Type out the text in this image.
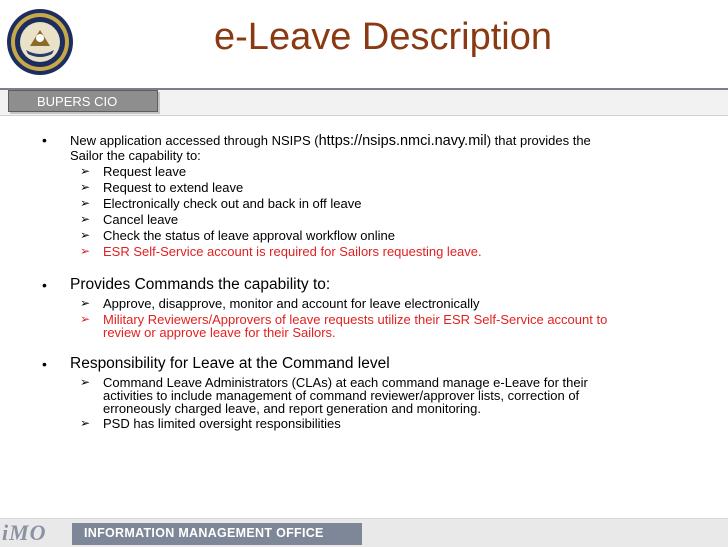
e-Leave Description
BUPERS CIO
• New application accessed through NSIPS (https://nsips.nmci.navy.mil) that provides the
Sailor the capability to:
➢ Request leave
➢ Request to extend leave
➢ Electronically check out and back in off leave
➢ Cancel leave
➢ Check the status of leave approval workflow online
➢ ESR Self-Service account is required for Sailors requesting leave.
• Provides Commands the capability to:
➢ Approve, disapprove, monitor and account for leave electronically
➢ Military Reviewers/Approvers of leave requests utilize their ESR Self-Service account to
review or approve leave for their Sailors.
• Responsibility for Leave at the Command level
➢ Command Leave Administrators (CLAs) at each command manage e-Leave for their
activities to include management of command reviewer/approver lists, correction of
erroneously charged leave, and report generation and monitoring.
➢ PSD has limited oversight responsibilities
iMO	INFORMATION MANAGEMENT OFFICE
